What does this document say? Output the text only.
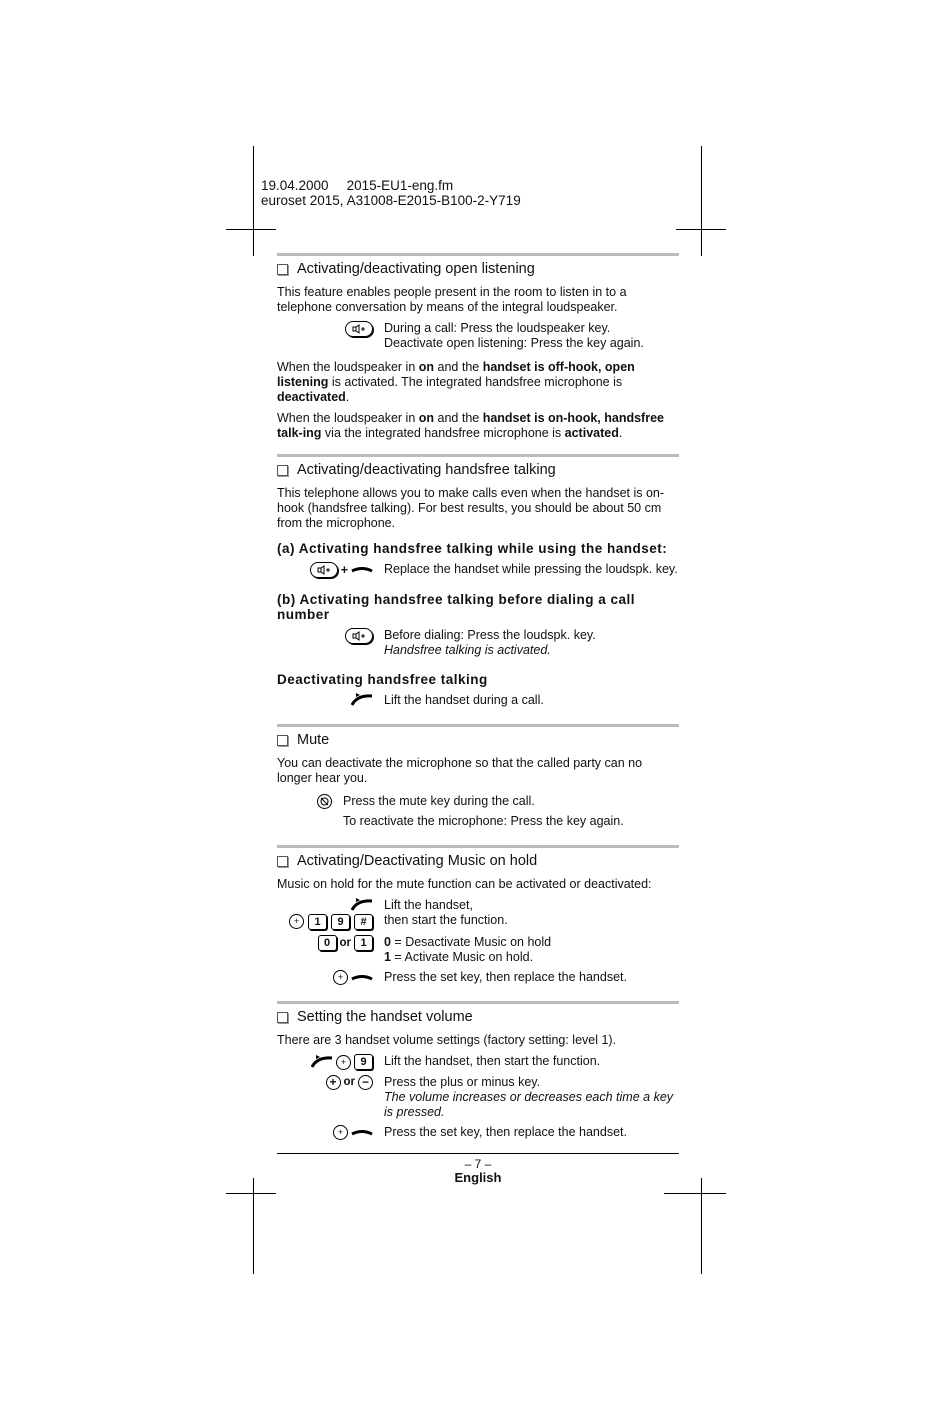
19.04.2000 2015-EU1-eng.fm
euroset 2015, A31008-E2015-B100-2-Y719
Activating/deactivating open listening

This feature enables people present in the room to listen in to a telephone conversation by means of the integral loudspeaker.

During a call: Press the loudspeaker key.
Deactivate open listening: Press the key again.

When the loudspeaker in on and the handset is off-hook, open listening is activated. The integrated handsfree microphone is deactivated.

When the loudspeaker in on and the handset is on-hook, handsfree talk-ing via the integrated handsfree microphone is activated.

Activating/deactivating handsfree talking

This telephone allows you to make calls even when the handset is on-hook (handsfree talking). For best results, you should be about 50 cm from the microphone.

(a) Activating handsfree talking while using the handset:
+	Replace the handset while pressing the loudspk. key.
(b) Activating handsfree talking before dialing a call number
Before dialing: Press the loudspk. key.
Handsfree talking is activated.
Deactivating handsfree talking
Lift the handset during a call.
Mute

You can deactivate the microphone so that the called party can no longer hear you.

Press the mute key during the call.
To reactivate the microphone: Press the key again.
Activating/Deactivating Music on hold

Music on hold for the mute function can be activated or deactivated:

+	1	9	#
Lift the handset,
then start the function.
0 or 1	0 = Desactivate Music on hold
1 = Activate Music on hold.
+	Press the set key, then replace the handset.
Setting the handset volume

There are 3 handset volume settings (factory setting: level 1).

+	9	Lift the handset, then start the function.
+ or −	Press the plus or minus key.
The volume increases or decreases each time a key is pressed.
+	Press the set key, then replace the handset.
– 7 –
English
